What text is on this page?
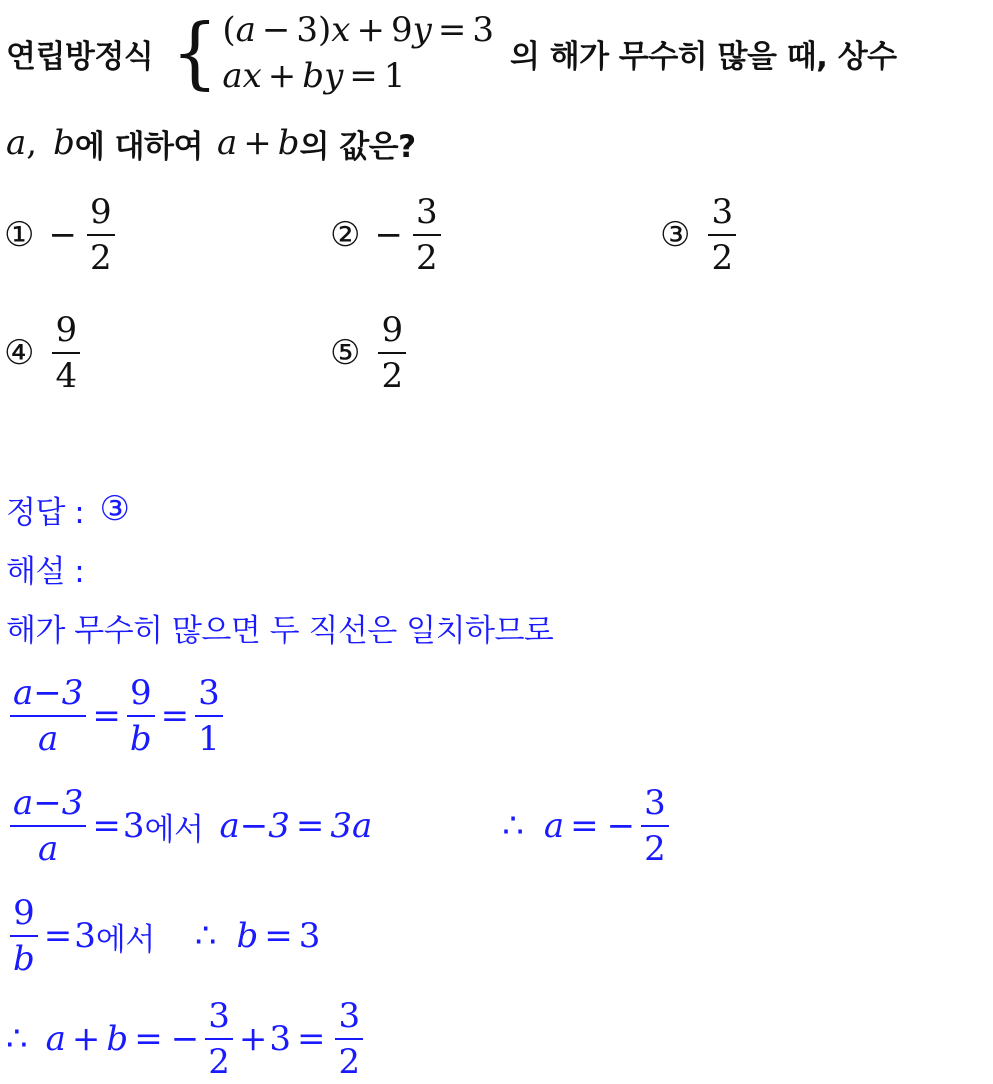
연립방정식 { ( a − 3 ) x + 9 y = 3
a x + b y = 1	의 해가 무수히 많을 때, 상수
a , b 에 대하여 a + b 의 값은?
① − $\frac{9}{2}$	② − $\frac{3}{2}$	③ $\frac{3}{2}$
④ $\frac{9}{4}$	⑤ $\frac{9}{2}$
정답 : ③
해설 :
해가 무수히 많으면 두 직선은 일치하므로
$\frac{a-3}{a} = \frac{9}{b} = \frac{3}{1}$
$\frac{a-3}{a} = 3$ 에서 a−3 = 3a	∴ a = − $\frac{3}{2}$
$\frac{9}{b} = 3$ 에서 ∴ b = 3
∴ a + b = − $\frac{3}{2} + 3 = \frac{3}{2}$
